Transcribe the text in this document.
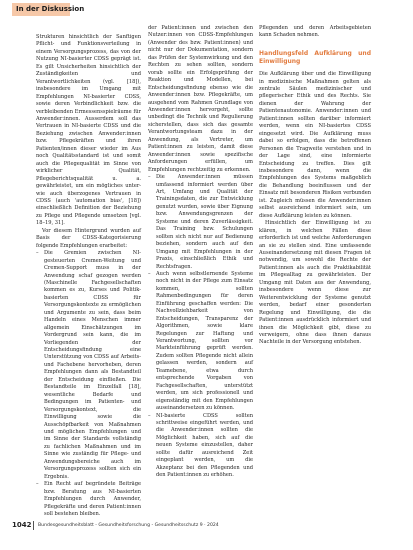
In der Diskussion

Strukturen hinsichtlich der Sanftigen Pflicht- und Funktionsverteilung in einem Versorgungsprozess, das von der Nutzung NI-basierter CDSS geprägt ist. Es gilt Unsicherheiten hinsichtlich der Zuständigkeiten und Verantwortlichkeiten (vgl. [18]), insbesondere im Umgang mit Empfehlungen NI-basierter CDSS, sowie deren Verbindlichkeit bzw. die verbleibenden Ermessensspielräume für Anwender:innen. Ausserdem soll das Vertrauen in NI-basierte CDSS und die Beziehung zwischen Anwender:innen bzw. Pflegekräften und ihren Patienten/innen dieser wieder im Aus noch Qualitätsstandard ist und somit auch die Pflegequalität im Sinne von wirklicher Qualität, Pflegeberichtsqualität u. a. gewährleistet, um ein mögliches unter- wie auch überzogenes Vertrauen in CDSS (auch 'automation bias', [18]) einschließlich Definition der Beziehung zu Pflege und Pflegende umsetzen [vgl. 18–19, 31].

Vor diesem Hintergrund wurden auf Basis der CDSS-Kategorisierung folgende Empfehlungen erarbeitet:

– Die Gremien zwischen NI-gesteuerten Cremen-Weitung und Cremen-Support muss in der Anwendung schaf gezogen werden (Maschinelle Fachgesellschaften kommen es zu, Kurses und Politik-basierten CDSS für Versorgungskontexte zu ermöglichen und Argumente zu sein, dass beim Handeln eines Menschen immer allgemein Einschätzungen im Vordergrund sein kann, die im Vorliegenden der Entscheidungsfindung eine Unterstützung von CDSS auf Arbeits- und Fachebene hervorheben, deren Empfehlungen dann als Bestandteil der Entscheidung einfließen. Die Bestandteile im Einzelfall [18], wesentliche Bedarfe und Bedingungen im Patienten- und Versorgungskontext, die Einwilligung sowie die Ausschöpfbarkeit von Maßnahmen und möglichen Empfehlungen und im Sinne der Standards vollständig zu fachlichen Maßnahmen und im Sinne wie zuständig für Pflege- und Anwendungsbereiche auch im Versorgungsprozess sollten sich ein Ergebnis.
– Ein Recht auf begründete Beiträge bzw. Beratung aus NI-basierten Empfehlungen durch Anwender, Pflegekräfte und deren Patient:innen soll bestehen bleiben.

der Patient:innen und zwischen den Nutzer:innen von CDSS-Empfehlungen (Anwender des bzw. Patient:innen) und nicht nur der Dokumentation, sondern das Prüfen der Systemwirkung und den Rechten zu sehen sollten, sondern vorab sollte ein Erfolgsprüfung der Reaktion und Modellen, bei Entscheidungsfindung ebenso wie die Anwender:innen bzw. Pflegekräfte, um ausgehend vom Rahmen Grundlage von Anwender:innen hervorgeht, sollte unbedingt die Technik und Regulierung sicherstellen, dass sich das gesamte Verantwortungsteam dazu in der Anwendung, als Vertreter, um Patient:innen zu leisten, damit diese Anwender:innen sowie spezifische Anforderungen erfüllen, um Empfehlungen rechtzeitig zu erkennen.

– Die Anwender:innen müssen umfassend informiert werden über Art, Umfang und Qualität der Trainingsdaten, die zur Entwicklung genutzt wurden, sowie über Eignung bzw. Anwendungsgrenzen der Systeme und deren Zuverlässigkeit. Das Training bzw. Schulungen sollten sich nicht nur auf Bedienung beziehen, sondern auch auf den Umgang mit Empfehlungen in der Praxis, einschließlich Ethik und Rechtsfragen.
– Auch wenn selbstlernende Systeme noch nicht in der Pflege zum Einsatz kommen, sollten Rahmenbedingungen für deren Einführung geschaffen werden: Die Nachvollziehbarkeit von Entscheidungen, Transparenz der Algorithmen, sowie klare Regelungen zur Haftung und Verantwortung, sollten vor Markteinführung geprüft werden. Zudem sollten Pflegende nicht allein gelassen werden, sondern auf Teamebene, etwa durch entsprechende Vorgaben von Fachgesellschaften, unterstützt werden, um sich professionell und eigenständig mit den Empfehlungen auseinandersetzen zu können.
– NI-basierte CDSS sollten schrittweise eingeführt werden, und die Anwender:innen sollten die Möglichkeit haben, sich auf die neuen Systeme einzustellen, daher sollte dafür ausreichend Zeit eingeplant werden, um die Akzeptanz bei den Pflegenden und den Patient:innen zu erhöhen.

Pflegenden und deren Arbeitsgebieten kann Schaden nehmen.

Handlungsfeld Aufklärung und Einwilligung

Die Aufklärung über und die Einwilligung in medizinische Maßnahmen gelten als zentrale Säulen medizinischer und pflegerischer Ethik und des Rechts. Sie dienen der Wahrung der Patientenautonomie. Anwender:innen und Patient:innen sollten darüber informiert werden, wenn ein NI-basiertes CDSS eingesetzt wird. Die Aufklärung muss dabei so erfolgen, dass die betroffenen Personen die Tragweite verstehen und in der Lage sind, eine informierte Entscheidung zu treffen. Dies gilt insbesondere dann, wenn die Empfehlungen des Systems maßgeblich die Behandlung beeinflussen und der Einsatz mit besonderen Risiken verbunden ist. Zugleich müssen die Anwender:innen selbst ausreichend informiert sein, um diese Aufklärung leisten zu können.

Hinsichtlich der Einwilligung ist zu klären, in welchen Fällen diese erforderlich ist und welche Anforderungen an sie zu stellen sind. Eine umfassende Auseinandersetzung mit diesen Fragen ist notwendig, um sowohl die Rechte der Patient:innen als auch die Praktikabilität im Pflegealltag zu gewährleisten. Der Umgang mit Daten aus der Anwendung, insbesondere wenn diese zur Weiterentwicklung der Systeme genutzt werden, bedarf einer gesonderten Regelung und Einwilligung, die die Patient:innen ausdrücklich informiert und ihnen die Möglichkeit gibt, diese zu verweigern, ohne dass ihnen daraus Nachteile in der Versorgung entstehen.

1042 Bundesgesundheitsblatt - Gesundheitsforschung - Gesundheitsschutz 9 · 2024
